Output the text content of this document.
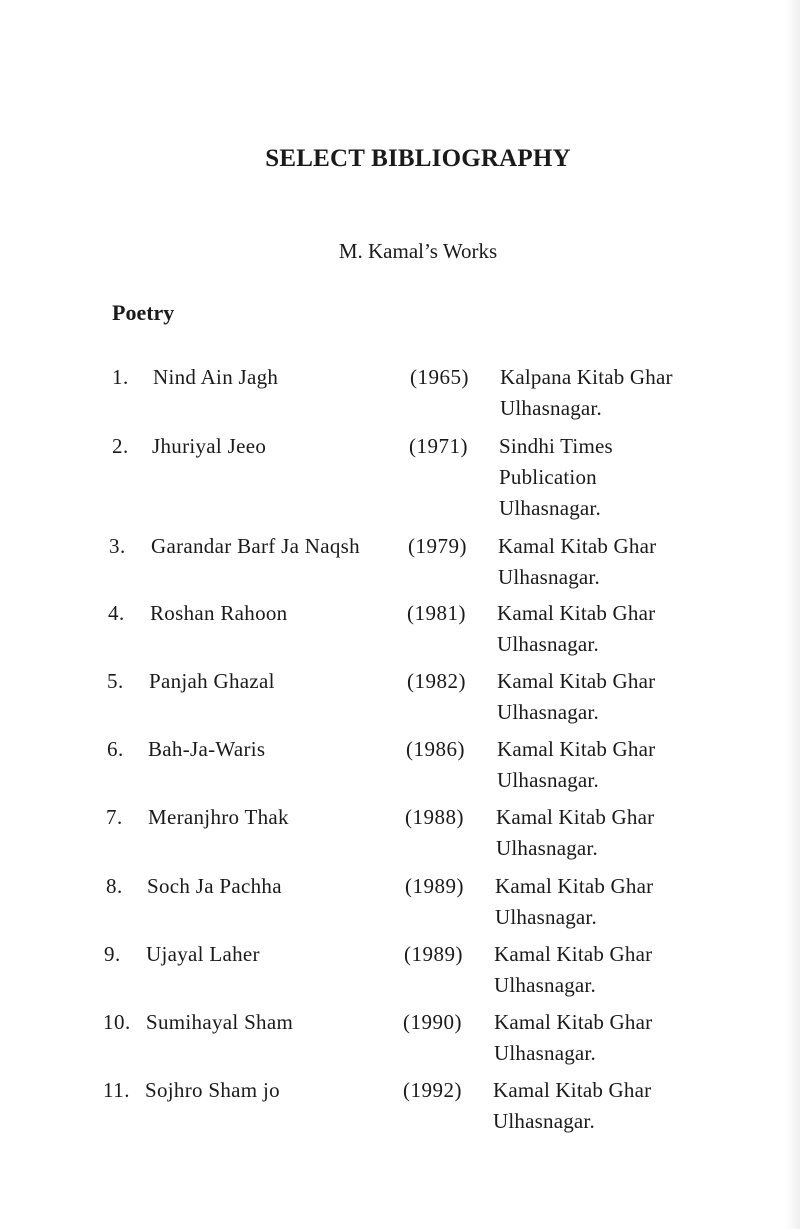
SELECT BIBLIOGRAPHY
M. Kamal’s Works
Poetry
1. Nind Ain Jagh	(1965) Kalpana Kitab Ghar
Ulhasnagar.
2. Jhuriyal Jeeo	(1971) Sindhi Times
Publication
Ulhasnagar.
3. Garandar Barf Ja Naqsh (1979) Kamal Kitab Ghar
Ulhasnagar.
4. Roshan Rahoon	(1981) Kamal Kitab Ghar
Ulhasnagar.
5. Panjah Ghazal	(1982) Kamal Kitab Ghar
Ulhasnagar.
6. Bah-Ja-Waris	(1986) Kamal Kitab Ghar
Ulhasnagar.
7. Meranjhro Thak	(1988) Kamal Kitab Ghar
Ulhasnagar.
8. Soch Ja Pachha	(1989) Kamal Kitab Ghar
Ulhasnagar.
9. Ujayal Laher	(1989) Kamal Kitab Ghar
Ulhasnagar.
10. Sumihayal Sham	(1990) Kamal Kitab Ghar
Ulhasnagar.
11. Sojhro Sham jo	(1992) Kamal Kitab Ghar
Ulhasnagar.
